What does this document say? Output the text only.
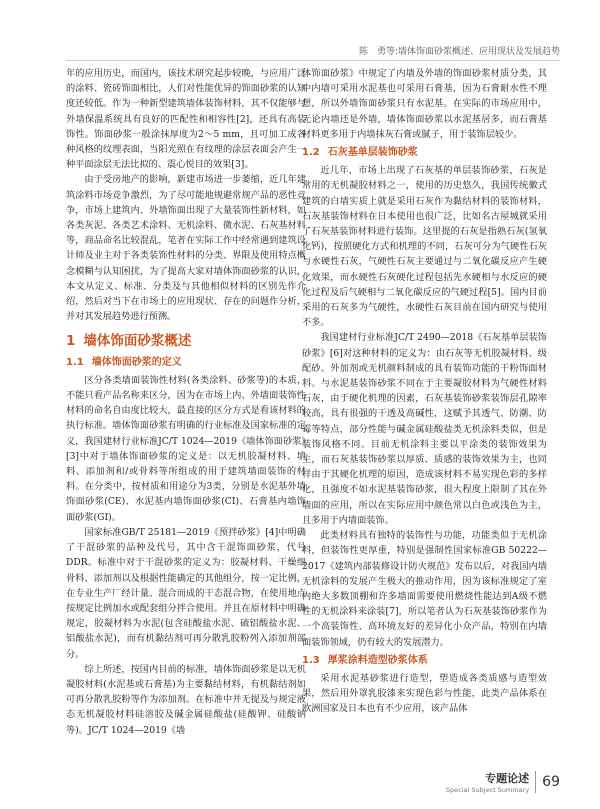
陈　勇等:墙体饰面砂浆概述、应用现状及发展趋势

年的应用历史，而国内，该技术研究起步较晚，与应用广泛的涂料、瓷砖饰面相比，人们对性能优异的饰面砂浆的认知度还较低。作为一种新型建筑墙体装饰材料，其不仅能够与外墙保温系统具有良好的匹配性和相容性[2]，还具有高装饰性。饰面砂浆一般涂抹厚度为2～5 mm，且可加工成各种风格的纹理表面，当阳光照在有纹理的涂层表面会产生一种平面涂层无法比拟的、震心悦目的效果[3]。

由于受房地产的影响，新建市场进一步萎缩，近几年建筑涂料市场竞争激烈，为了尽可能地规避常规产品的恶性竞争，市场上建筑内、外墙饰面出现了大量装饰性新材料，如各类灰泥、各类艺术涂料、无机涂料、微水泥、石灰基材料等，商品命名比较混乱，笔者在实际工作中经常遇到建筑设计师及业主对于各类装饰性材料的分类、界限及使用特点概念模糊与认知困扰，为了提高大家对墙体饰面砂浆的认识，本文从定义、标准、分类及与其他相似材料的区别先作介绍，然后对当下在市场上的应用现状、存在的问题作分析，并对其发展趋势进行预测。

1 墙体饰面砂浆概述
1.1 墙体饰面砂浆的定义

区分各类墙面装饰性材料(各类涂料、砂浆等)的本质，不能只看产品名称来区分，因为在市场上内、外墙面装饰性材料的命名自由度比较大，最直接的区分方式是看该材料的执行标准。墙体饰面砂浆有明确的行业标准及国家标准的定义，我国建材行业标准JC/T 1024—2019《墙体饰面砂浆》[3]中对于墙体饰面砂浆的定义是：以无机胶凝材料、填料、添加剂和/或骨料等所组成的用于建筑墙面装饰的材料。在分类中，按材质和用途分为3类，分别是水泥基外墙饰面砂浆(CE)、水泥基内墙饰面砂浆(CI)、石膏基内墙饰面砂浆(GI)。

国家标准GB/T 25181—2019《预拌砂浆》[4]中明确了干混砂浆的品种及代号，其中含干混饰面砂浆，代号DDR。标准中对于干混砂浆的定义为：胶凝材料、干燥细骨料、添加剂以及根据性能确定的其他组分，按一定比例，在专业生产厂经计量、混合而成的干态混合物，在使用地点按规定比例加水或配套组分拌合使用。并且在原材料中明确规定，胶凝材料为水泥(包含硅酸盐水泥、硫铝酸盐水泥、铝酸盐水泥)，而有机黏结剂可再分散乳胶粉列入添加剂部分。

综上所述，按国内目前的标准，墙体饰面砂浆是以无机凝胶材料(水泥基或石膏基)为主要黏结材料，有机黏结剂如可再分散乳胶粉等作为添加剂。在标准中并无提及与规定液态无机凝胶材料硅溶胶及碱金属硅酸盐(硅酸钾、硅酸钠等)。JC/T 1024—2019《墙

体饰面砂浆》中规定了内墙及外墙的饰面砂浆材质分类，其中内墙可采用水泥基也可采用石膏基，因为石膏耐水性不理想，所以外墙饰面砂浆只有水泥基。在实际的市场应用中，无论内墙还是外墙，墙体饰面砂浆以水泥基居多，而石膏基材料更多用于内墙抹灰石膏或腻子，用于装饰层较少。

1.2 石灰基单层装饰砂浆

近几年，市场上出现了石灰基的单层装饰砂浆，石灰是常用的无机凝胶材料之一，使用的历史悠久，我国传统徽式建筑的白墙实质上就是采用石灰作为黏结材料的装饰材料，石灰基装饰材料在日本使用也很广泛，比如名古屋城就采用了石灰基装饰材料进行装饰。这里提的石灰是指熟石灰(氢氧化钙)，按照硬化方式和机理的不同，石灰可分为气硬性石灰与水硬性石灰，气硬性石灰主要通过与二氧化碳反应产生硬化效果，而水硬性石灰硬化过程包括先水硬相与水反应的硬化过程及后气硬相与二氧化碳反应的气硬过程[5]。国内目前采用的石灰多为气硬性，水硬性石灰目前在国内研究与使用不多。

我国建材行业标准JC/T 2490—2018《石灰基单层装饰砂浆》[6]对这种材料的定义为：由石灰等无机胶凝材料、级配砂、外加剂或无机颜料制成的具有装饰功能的干粉饰面材料。与水泥基装饰砂浆不同在于主要凝胶材料为气硬性材料石灰，由于硬化机理的因素，石灰基装饰砂浆装饰层孔隙率较高，具有很强的干透及高碱性，这赋予其透气、防潮、防霉等特点，部分性能与碱金属硅酸盐类无机涂料类似，但是装饰风格不同。目前无机涂料主要以平涂类的装饰效果为主，而石灰基装饰砂浆以厚质、质感的装饰效果为主，也同样由于其硬化机理的原因，造成该材料不易实现色彩的多样化，且强度不如水泥基装饰砂浆，很大程度上限制了其在外墙面的应用，所以在实际应用中颜色常以白色或浅色为主，且多用于内墙面装饰。

此类材料具有独特的装饰性与功能，功能类似于无机涂料，但装饰性更厚重，特别是强制性国家标准GB 50222—2017《建筑内部装修设计防火规范》发布以后，对我国内墙无机涂料的发展产生极大的推动作用，因为该标准规定了室内绝大多数顶棚和许多墙面需要使用燃烧性能达到A级不燃性的无机涂料来涂装[7]，所以笔者认为石灰基装饰砂浆作为一个高装饰性、高环境友好的差异化小众产品，特别在内墙面装饰领域，仍有较大的发展潜力。

1.3 厚浆涂料造型砂浆体系

采用水泥基砂浆进行造型，塑造成各类质感与造型效果，然后用外罩乳胶漆来实现色彩与性能，此类产品体系在欧洲国家及日本也有不少应用，该产品体

专题论述
Special Subject Summary 69
